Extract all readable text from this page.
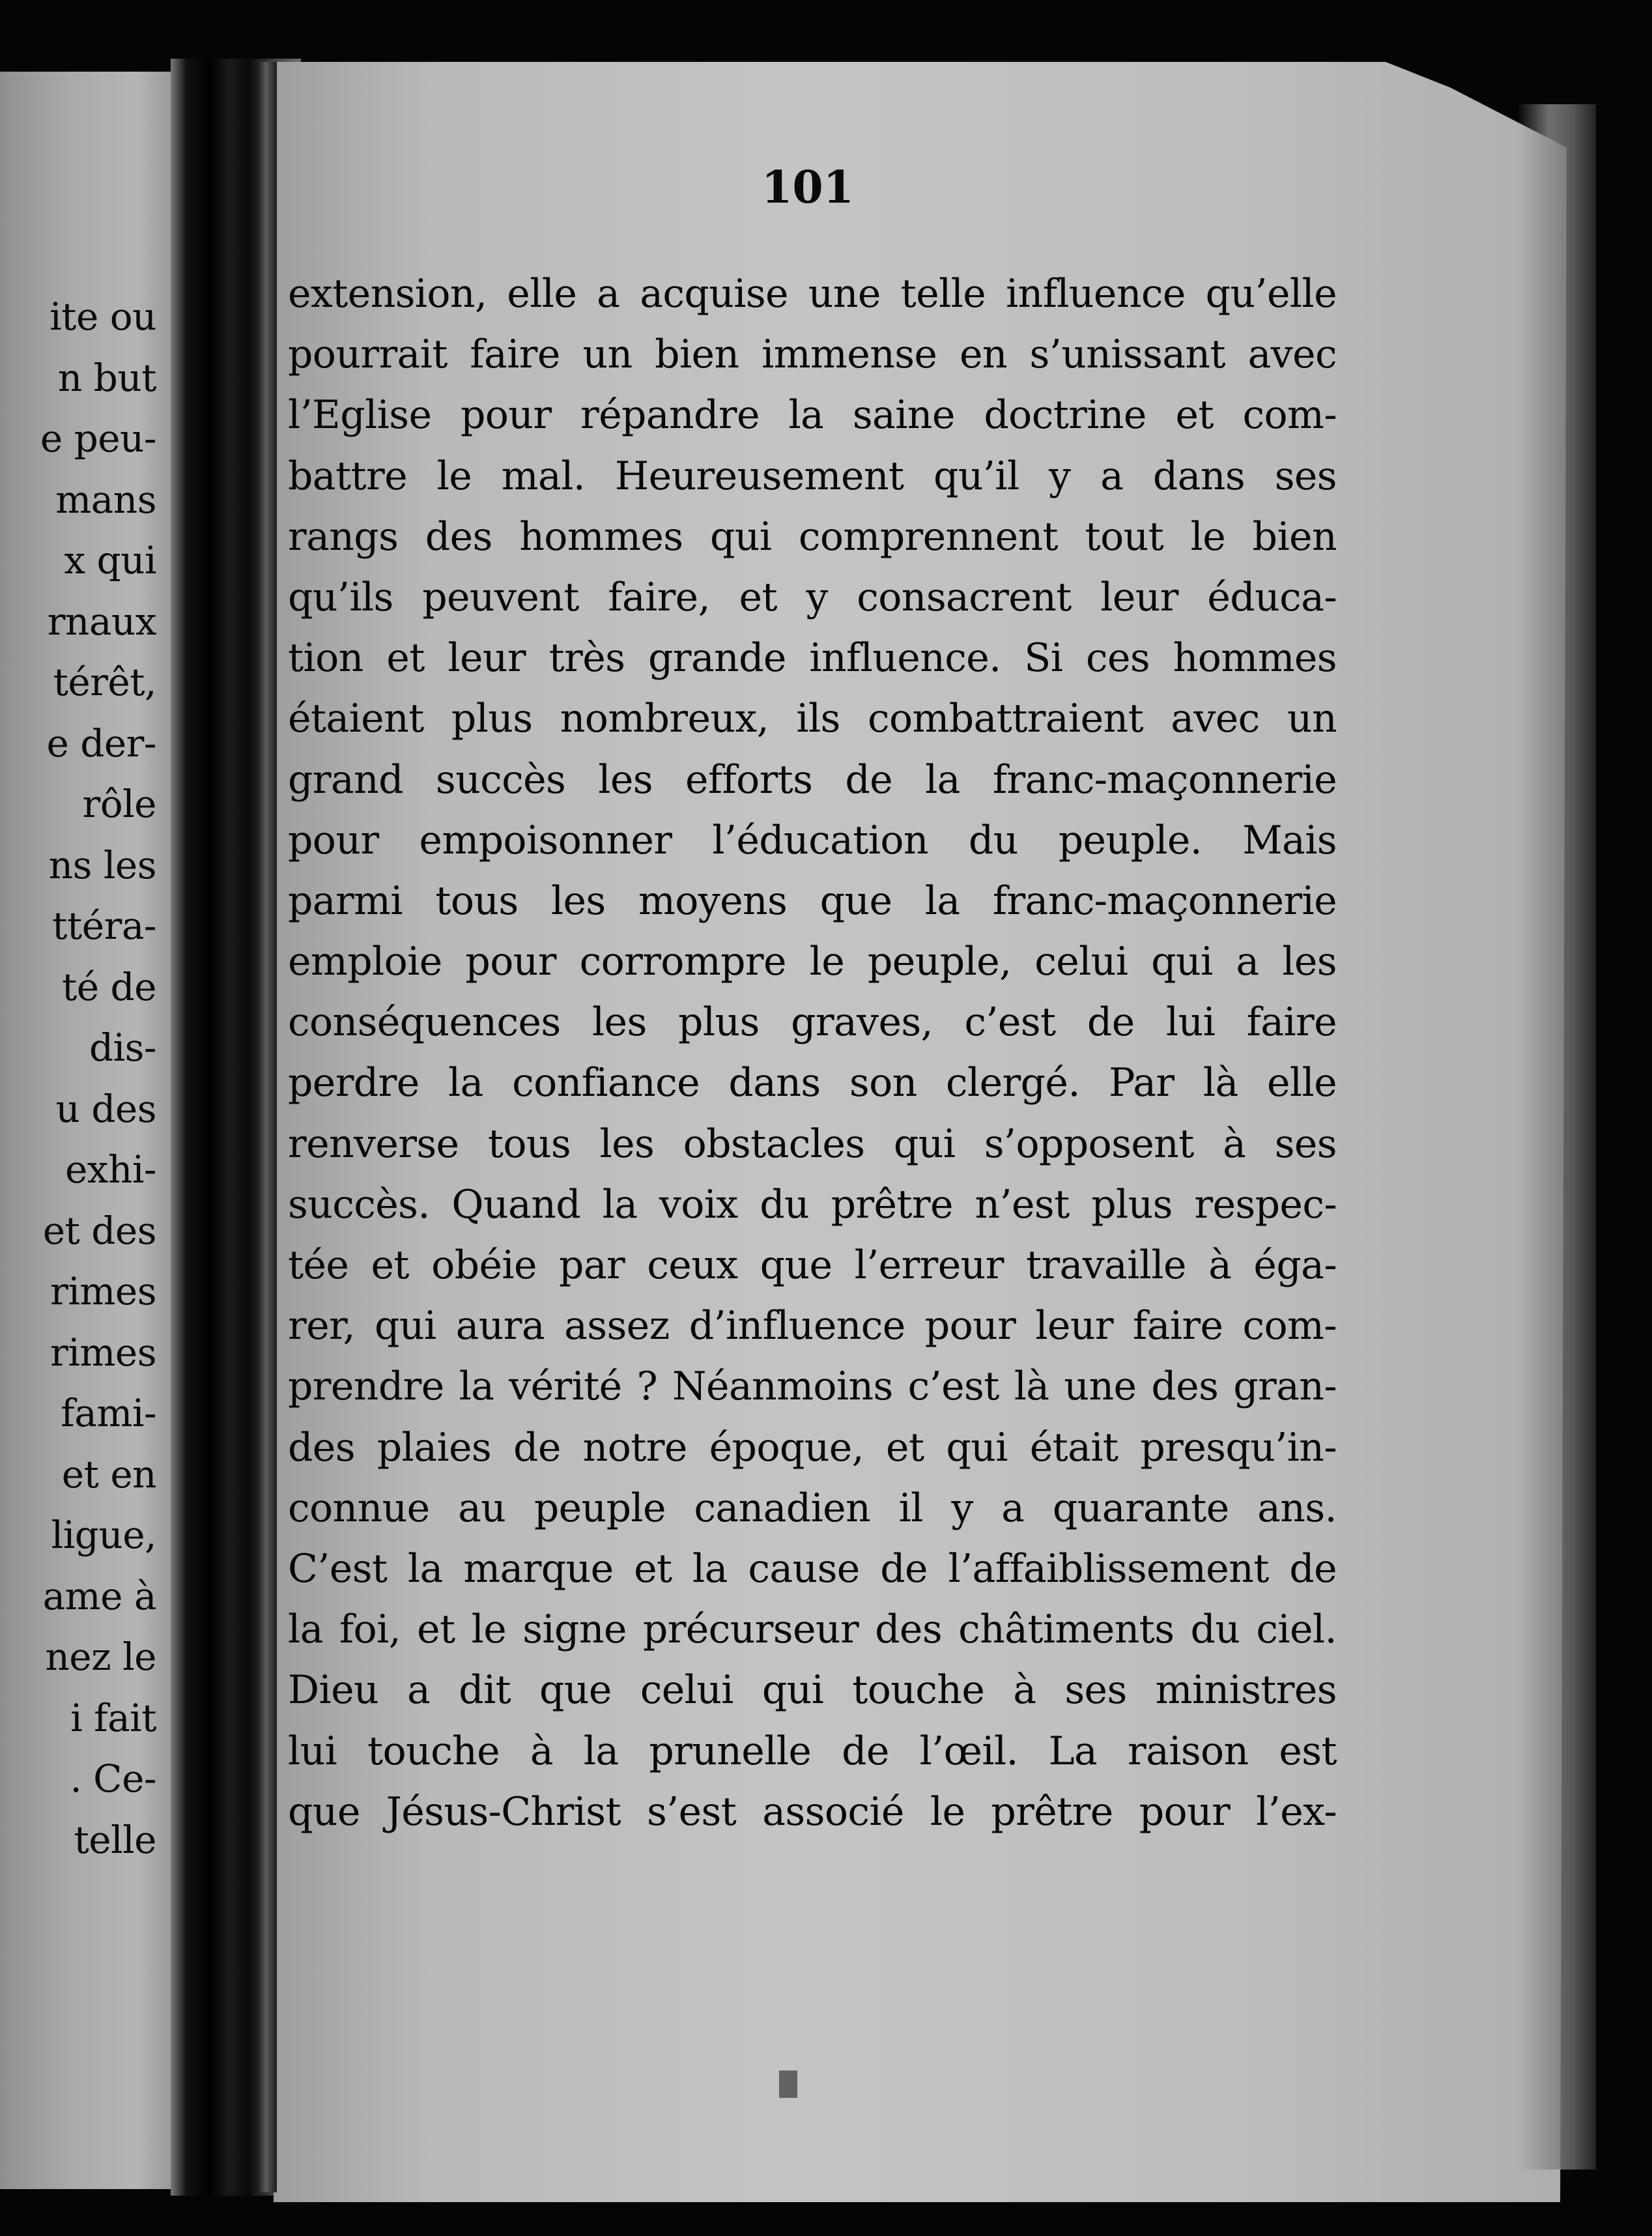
ite ou
n but
e peu-
mans
x qui
rnaux
térêt,
e der-
rôle
ns les
ttéra-
té de
dis-
u des
exhi-
et des
rimes
rimes
fami-
et en
ligue,
ame à
nez le
i fait
. Ce-
telle
101
extension, elle a acquise une telle influence qu’elle
pourrait faire un bien immense en s’unissant avec
l’Eglise pour répandre la saine doctrine et com-
battre le mal. Heureusement qu’il y a dans ses
rangs des hommes qui comprennent tout le bien
qu’ils peuvent faire, et y consacrent leur éduca-
tion et leur très grande influence. Si ces hommes
étaient plus nombreux, ils combattraient avec un
grand succès les efforts de la franc-maçonnerie
pour empoisonner l’éducation du peuple. Mais
parmi tous les moyens que la franc-maçonnerie
emploie pour corrompre le peuple, celui qui a les
conséquences les plus graves, c’est de lui faire
perdre la confiance dans son clergé. Par là elle
renverse tous les obstacles qui s’opposent à ses
succès. Quand la voix du prêtre n’est plus respec-
tée et obéie par ceux que l’erreur travaille à éga-
rer, qui aura assez d’influence pour leur faire com-
prendre la vérité ? Néanmoins c’est là une des gran-
des plaies de notre époque, et qui était presqu’in-
connue au peuple canadien il y a quarante ans.
C’est la marque et la cause de l’affaiblissement de
la foi, et le signe précurseur des châtiments du ciel.
Dieu a dit que celui qui touche à ses ministres
lui touche à la prunelle de l’œil. La raison est
que Jésus-Christ s’est associé le prêtre pour l’ex-
